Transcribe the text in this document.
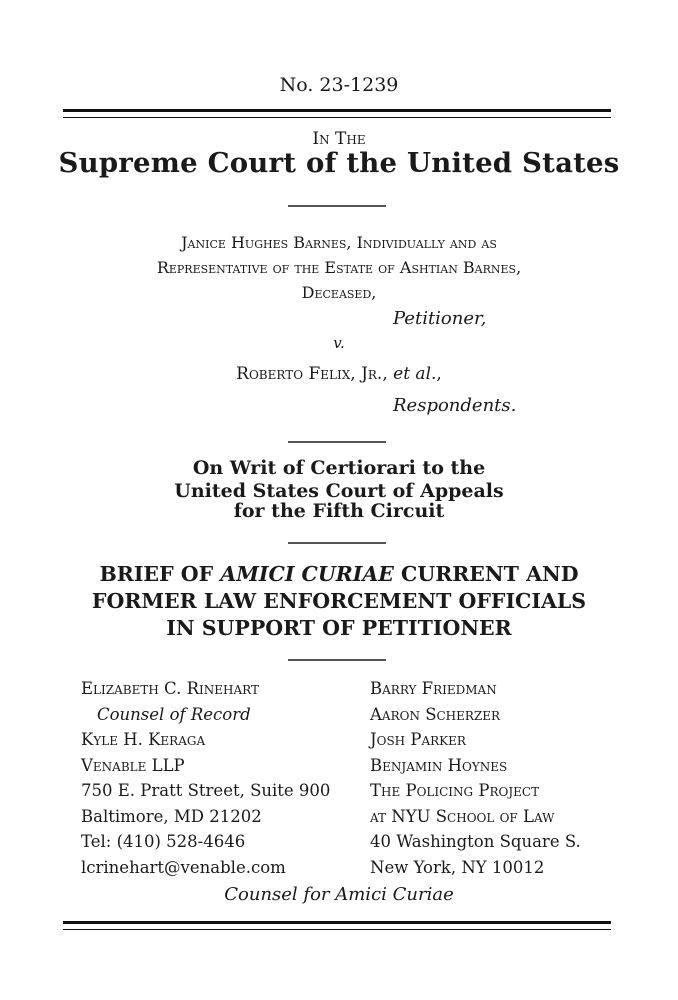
No. 23-1239
In The
Supreme Court of the United States
Janice Hughes Barnes, Individually and as
Representative of the Estate of Ashtian Barnes,
Deceased,
Petitioner,
v.
Roberto Felix, Jr., et al.,
Respondents.
On Writ of Certiorari to the
United States Court of Appeals
for the Fifth Circuit
BRIEF OF AMICI CURIAE CURRENT AND
FORMER LAW ENFORCEMENT OFFICIALS
IN SUPPORT OF PETITIONER
Elizabeth C. Rinehart
Counsel of Record
Kyle H. Keraga
Venable LLP
750 E. Pratt Street, Suite 900
Baltimore, MD 21202
Tel: (410) 528-4646
lcrinehart@venable.com
Barry Friedman
Aaron Scherzer
Josh Parker
Benjamin Hoynes
The Policing Project
at NYU School of Law
40 Washington Square S.
New York, NY 10012
Counsel for Amici Curiae
